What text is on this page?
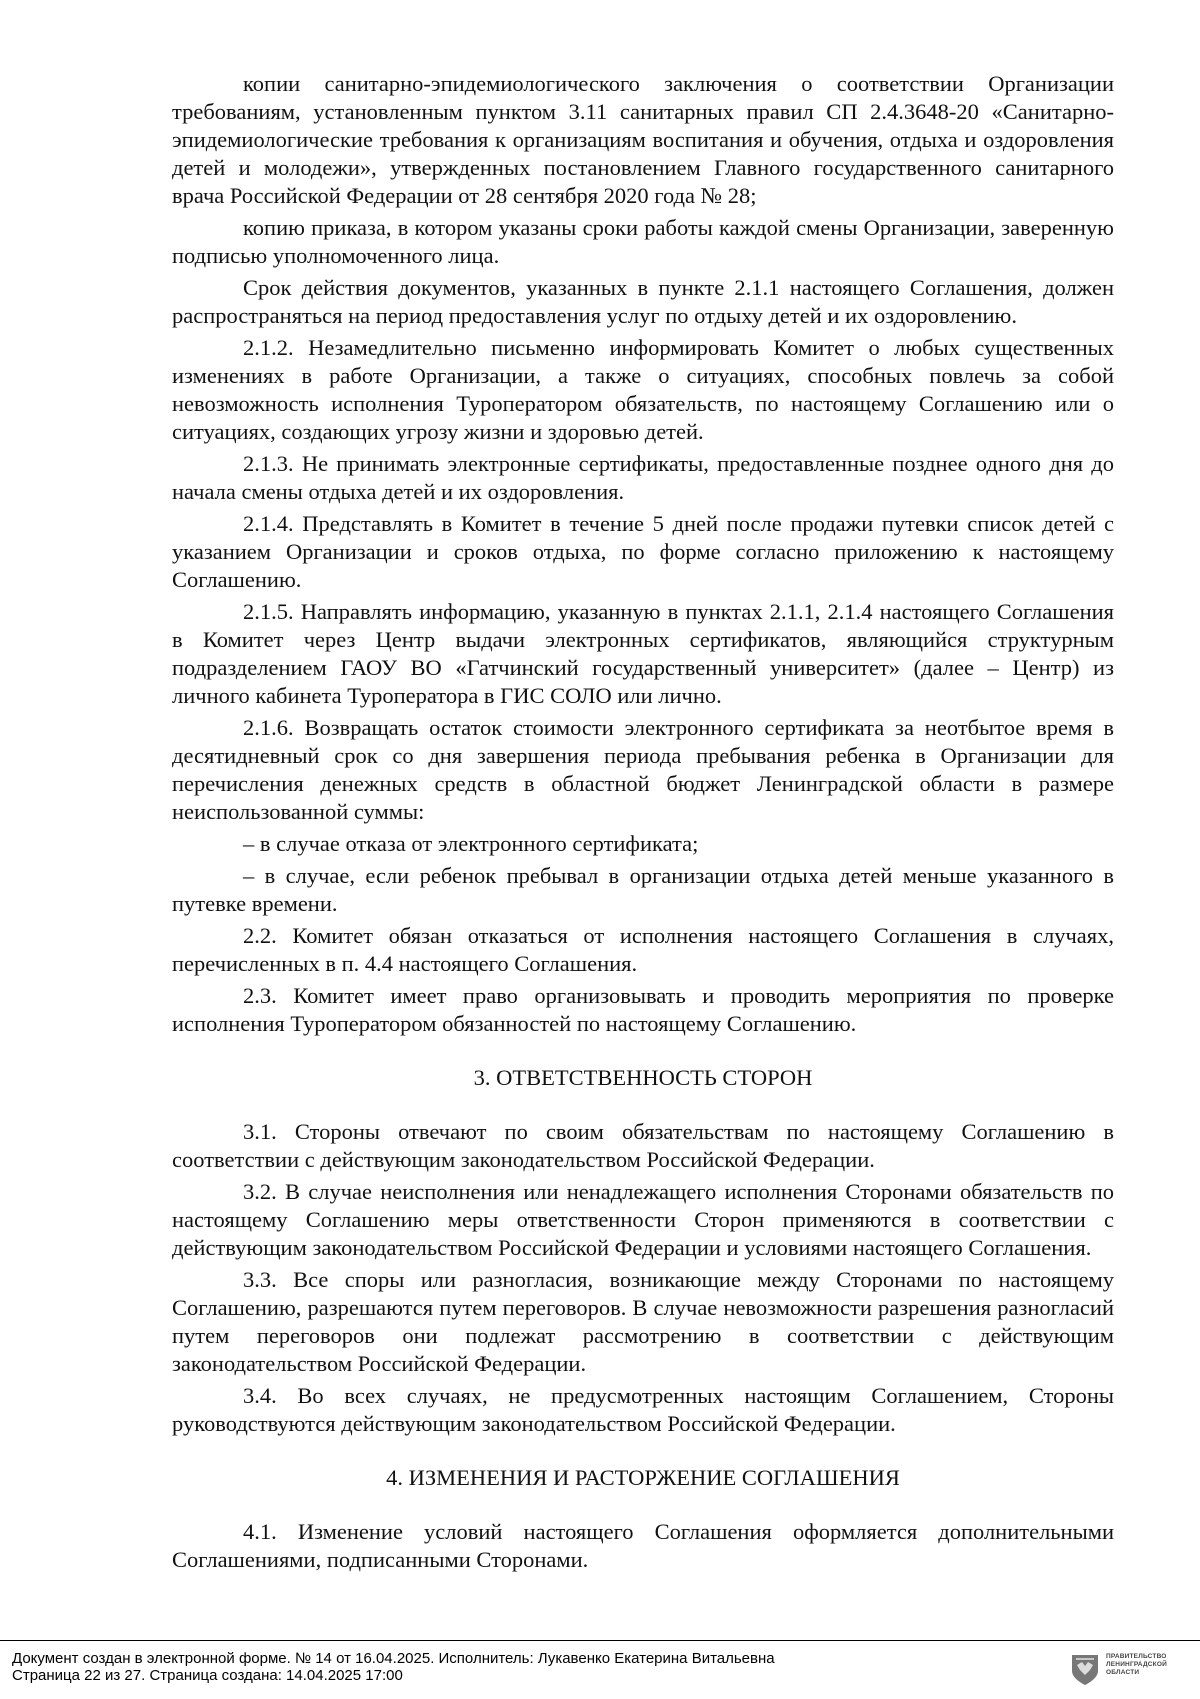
копии санитарно-эпидемиологического заключения о соответствии Организации требованиям, установленным пунктом 3.11 санитарных правил СП 2.4.3648-20 «Санитарно-эпидемиологические требования к организациям воспитания и обучения, отдыха и оздоровления детей и молодежи», утвержденных постановлением Главного государственного санитарного врача Российской Федерации от 28 сентября 2020 года № 28;

копию приказа, в котором указаны сроки работы каждой смены Организации, заверенную подписью уполномоченного лица.

Срок действия документов, указанных в пункте 2.1.1 настоящего Соглашения, должен распространяться на период предоставления услуг по отдыху детей и их оздоровлению.

2.1.2. Незамедлительно письменно информировать Комитет о любых существенных изменениях в работе Организации, а также о ситуациях, способных повлечь за собой невозможность исполнения Туроператором обязательств, по настоящему Соглашению или о ситуациях, создающих угрозу жизни и здоровью детей.

2.1.3. Не принимать электронные сертификаты, предоставленные позднее одного дня до начала смены отдыха детей и их оздоровления.

2.1.4. Представлять в Комитет в течение 5 дней после продажи путевки список детей с указанием Организации и сроков отдыха, по форме согласно приложению к настоящему Соглашению.

2.1.5. Направлять информацию, указанную в пунктах 2.1.1, 2.1.4 настоящего Соглашения в Комитет через Центр выдачи электронных сертификатов, являющийся структурным подразделением ГАОУ ВО «Гатчинский государственный университет» (далее – Центр) из личного кабинета Туроператора в ГИС СОЛО или лично.

2.1.6. Возвращать остаток стоимости электронного сертификата за неотбытое время в десятидневный срок со дня завершения периода пребывания ребенка в Организации для перечисления денежных средств в областной бюджет Ленинградской области в размере неиспользованной суммы:

– в случае отказа от электронного сертификата;

– в случае, если ребенок пребывал в организации отдыха детей меньше указанного в путевке времени.

2.2. Комитет обязан отказаться от исполнения настоящего Соглашения в случаях, перечисленных в п. 4.4 настоящего Соглашения.

2.3. Комитет имеет право организовывать и проводить мероприятия по проверке исполнения Туроператором обязанностей по настоящему Соглашению.

3. ОТВЕТСТВЕННОСТЬ СТОРОН

3.1. Стороны отвечают по своим обязательствам по настоящему Соглашению в соответствии с действующим законодательством Российской Федерации.

3.2. В случае неисполнения или ненадлежащего исполнения Сторонами обязательств по настоящему Соглашению меры ответственности Сторон применяются в соответствии с действующим законодательством Российской Федерации и условиями настоящего Соглашения.

3.3. Все споры или разногласия, возникающие между Сторонами по настоящему Соглашению, разрешаются путем переговоров. В случае невозможности разрешения разногласий путем переговоров они подлежат рассмотрению в соответствии с действующим законодательством Российской Федерации.

3.4. Во всех случаях, не предусмотренных настоящим Соглашением, Стороны руководствуются действующим законодательством Российской Федерации.

4. ИЗМЕНЕНИЯ И РАСТОРЖЕНИЕ СОГЛАШЕНИЯ

4.1. Изменение условий настоящего Соглашения оформляется дополнительными Соглашениями, подписанными Сторонами.

Документ создан в электронной форме. № 14 от 16.04.2025. Исполнитель: Лукавенко Екатерина Витальевна
Страница 22 из 27. Страница создана: 14.04.2025 17:00
ПРАВИТЕЛЬСТВО
ЛЕНИНГРАДСКОЙ
ОБЛАСТИ
